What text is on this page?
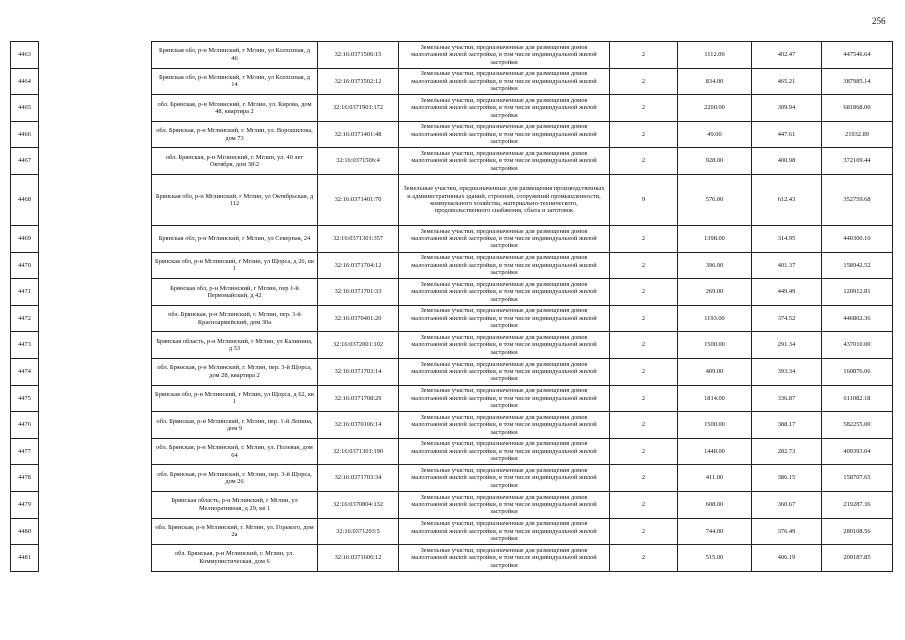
256
4463		Брянская обл, р-н Мглинский, г Мглин, ул Колхозная, д 46	32:16:0371506:15	Земельные участки, предназначенные для размещения домов малоэтажной жилой застройки, в том числе индивидуальной жилой застройки	2	1112.00	402.47	447546.64
4464		Брянская обл, р-н Мглинский, г Мглин, ул Колхозная, д 14	32:16:0371502:12	Земельные участки, предназначенные для размещения домов малоэтажной жилой застройки, в том числе индивидуальной жилой застройки	2	834.00	465.21	387985.14
4465		обл. Брянская, р-н Мглинский, г. Мглин, ул. Кирова, дом 48, квартира 2	32:16:0371901:172	Земельные участки, предназначенные для размещения домов малоэтажной жилой застройки, в том числе индивидуальной жилой застройки	2	2200.00	309.94	681868.00
4466		обл. Брянская, р-н Мглинский, г. Мглин, ул. Ворошилова, дом 73	32:16:0371401:48	Земельные участки, предназначенные для размещения домов малоэтажной жилой застройки, в том числе индивидуальной жилой застройки	2	49.00	447.61	21932.89
4467		обл. Брянская, р-н Мглинский, г. Мглин, ул. 40 лет Октября, дом 38\2	32:16:0371506:4	Земельные участки, предназначенные для размещения домов малоэтажной жилой застройки, в том числе индивидуальной жилой застройки	2	928.00	400.98	372109.44
4468		Брянская обл, р-н Мглинский, г Мглин, ул Октябрьская, д 112	32:16:0371401:70	Земельные участки, предназначенные для размещения производственных и административных зданий, строений, сооружений промышленности, коммунального хозяйства, материально-технического, продовольственного снабжения, сбыта и заготовок	9	576.00	612.43	352759.68
4469		Брянская обл, р-н Мглинский, г Мглин, ул Северная, 24	32:16:0371301:357	Земельные участки, предназначенные для размещения домов малоэтажной жилой застройки, в том числе индивидуальной жилой застройки	2	1398.00	314.95	440300.10
4470		Брянская обл, р-н Мглинский, г Мглин, ул Щорса, д 26, кв 1	32:16:0371704:12	Земельные участки, предназначенные для размещения домов малоэтажной жилой застройки, в том числе индивидуальной жилой застройки	2	396.00	401.37	158942.52
4471		Брянская обл, р-н Мглинский, г Мглин, пер 1-й Первомайский, д 42	32:16:0371701:33	Земельные участки, предназначенные для размещения домов малоэтажной жилой застройки, в том числе индивидуальной жилой застройки	2	269.00	449.49	120912.81
4472		обл. Брянская, р-н Мглинский, г. Мглин, пер. 3-й Красноармейский, дом 30а	32:16:0370401:20	Земельные участки, предназначенные для размещения домов малоэтажной жилой застройки, в том числе индивидуальной жилой застройки	2	1193.00	374.52	446802.36
4473		Брянская область, р-н Мглинский, г Мглин, ул Калинина, д 53	32:16:0372001:102	Земельные участки, предназначенные для размещения домов малоэтажной жилой застройки, в том числе индивидуальной жилой застройки	2	1500.00	291.34	437010.00
4474		обл. Брянская, р-н Мглинский, г. Мглин, пер. 3-й Щорса, дом 28, квартира 2	32:16:0371703:14	Земельные участки, предназначенные для размещения домов малоэтажной жилой застройки, в том числе индивидуальной жилой застройки	2	409.00	393.34	160876.06
4475		Брянская обл, р-н Мглинский, г Мглин, ул Щорса, д 62, кв 1	32:16:0371708:29	Земельные участки, предназначенные для размещения домов малоэтажной жилой застройки, в том числе индивидуальной жилой застройки	2	1814.00	336.87	611082.18
4476		обл. Брянская, р-н Мглинский, г. Мглин, пер. 1-й Ленина, дом 9	32:16:0370106:14	Земельные участки, предназначенные для размещения домов малоэтажной жилой застройки, в том числе индивидуальной жилой застройки	2	1500.00	388.17	582255.00
4477		обл. Брянская, р-н Мглинский, г. Мглин, ул. Полевая, дом 64	32:16:0371301:190	Земельные участки, предназначенные для размещения домов малоэтажной жилой застройки, в том числе индивидуальной жилой застройки	2	1448.00	282.73	409393.04
4478		обл. Брянская, р-н Мглинский, г. Мглин, пер. 3-й Щорса, дом 26	32:16:0371703:34	Земельные участки, предназначенные для размещения домов малоэтажной жилой застройки, в том числе индивидуальной жилой застройки	2	411.00	386.15	158707.65
4479		Брянская область, р-н Мглинский, г Мглин, ул Мелиоративная, д 29, кв 1	32:16:0370804:132	Земельные участки, предназначенные для размещения домов малоэтажной жилой застройки, в том числе индивидуальной жилой застройки	2	608.00	360.67	219287.36
4480		обл. Брянская, р-н Мглинский, г. Мглин, ул. Горького, дом 2а	32:16:0371203:5	Земельные участки, предназначенные для размещения домов малоэтажной жилой застройки, в том числе индивидуальной жилой застройки	2	744.00	376.49	280108.56
4481		обл. Брянская, р-н Мглинский, г. Мглин, ул. Коммунистическая, дом 6	32:16:0371606:12	Земельные участки, предназначенные для размещения домов малоэтажной жилой застройки, в том числе индивидуальной жилой застройки	2	515.00	406.19	209187.85
